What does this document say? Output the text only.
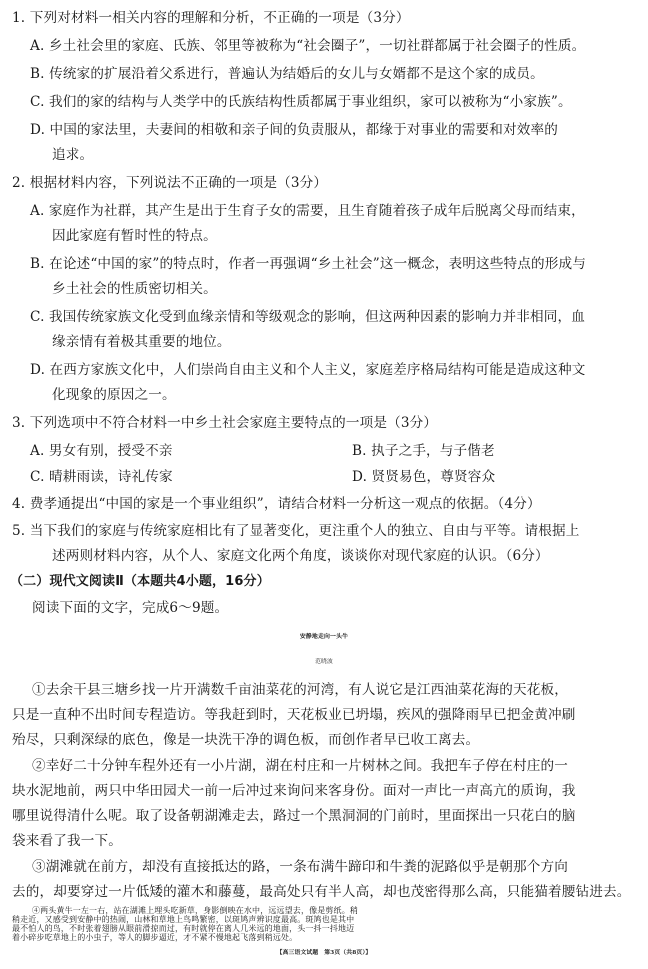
1. 下列对材料一相关内容的理解和分析，不正确的一项是（3分）
A. 乡土社会里的家庭、氏族、邻里等被称为“社会圈子”，一切社群都属于社会圈子的性质。
B. 传统家的扩展沿着父系进行，普遍认为结婚后的女儿与女婿都不是这个家的成员。
C. 我们的家的结构与人类学中的氏族结构性质都属于事业组织，家可以被称为“小家族”。
D. 中国的家法里，夫妻间的相敬和亲子间的负责服从，都缘于对事业的需要和对效率的
追求。
2. 根据材料内容，下列说法不正确的一项是（3分）
A. 家庭作为社群，其产生是出于生育子女的需要，且生育随着孩子成年后脱离父母而结束，
因此家庭有暂时性的特点。
B. 在论述“中国的家”的特点时，作者一再强调“乡土社会”这一概念，表明这些特点的形成与
乡土社会的性质密切相关。
C. 我国传统家族文化受到血缘亲情和等级观念的影响，但这两种因素的影响力并非相同，血
缘亲情有着极其重要的地位。
D. 在西方家族文化中，人们崇尚自由主义和个人主义，家庭差序格局结构可能是造成这种文
化现象的原因之一。
3. 下列选项中不符合材料一中乡土社会家庭主要特点的一项是（3分）
A. 男女有别，授受不亲	B. 执子之手，与子偕老
C. 晴耕雨读，诗礼传家	D. 贤贤易色，尊贤容众
4. 费孝通提出“中国的家是一个事业组织”，请结合材料一分析这一观点的依据。（4分）
5. 当下我们的家庭与传统家庭相比有了显著变化，更注重个人的独立、自由与平等。请根据上
述两则材料内容，从个人、家庭文化两个角度，谈谈你对现代家庭的认识。（6分）
（二）现代文阅读Ⅱ（本题共4小题，16分）
阅读下面的文字，完成6～9题。
安静地走向一头牛
范晓波
①去余干县三塘乡找一片开满数千亩油菜花的河湾，有人说它是江西油菜花海的天花板，
只是一直种不出时间专程造访。等我赶到时，天花板业已坍塌，疾风的强降雨早已把金黄冲刷
殆尽，只剩深绿的底色，像是一块洗干净的调色板，而创作者早已收工离去。
②幸好二十分钟车程外还有一小片湖，湖在村庄和一片树林之间。我把车子停在村庄的一
块水泥地前，两只中华田园犬一前一后冲过来询问来客身份。面对一声比一声高亢的质询，我
哪里说得清什么呢。取了设备朝湖滩走去，路过一个黑洞洞的门前时，里面探出一只花白的脑
袋来看了我一下。
③湖滩就在前方，却没有直接抵达的路，一条布满牛蹄印和牛粪的泥路似乎是朝那个方向
去的，却要穿过一片低矮的灌木和藤蔓，最高处只有半人高，却也茂密得那么高，只能猫着腰钻进去。
【高三语文试题　第3页（共8页）】
④两头黄牛一左一右，站在湖滩上埋头吃新草，身影倒映在水中，远远望去，像是剪纸。稍
稍走近，又感受到安静中的热闹，山林和草地上鸟鸣繁密，以斑鸠声辨识度最高。斑鸠也是其中
最不怕人的鸟，不时张着翅膀从眼前滑掠而过，有时就停在离人几米远的地面，头一抖一抖地迈
着小碎步吃草地上的小虫子，等人的脚步逼近，才不紧不慢地起飞落到稍远处。
